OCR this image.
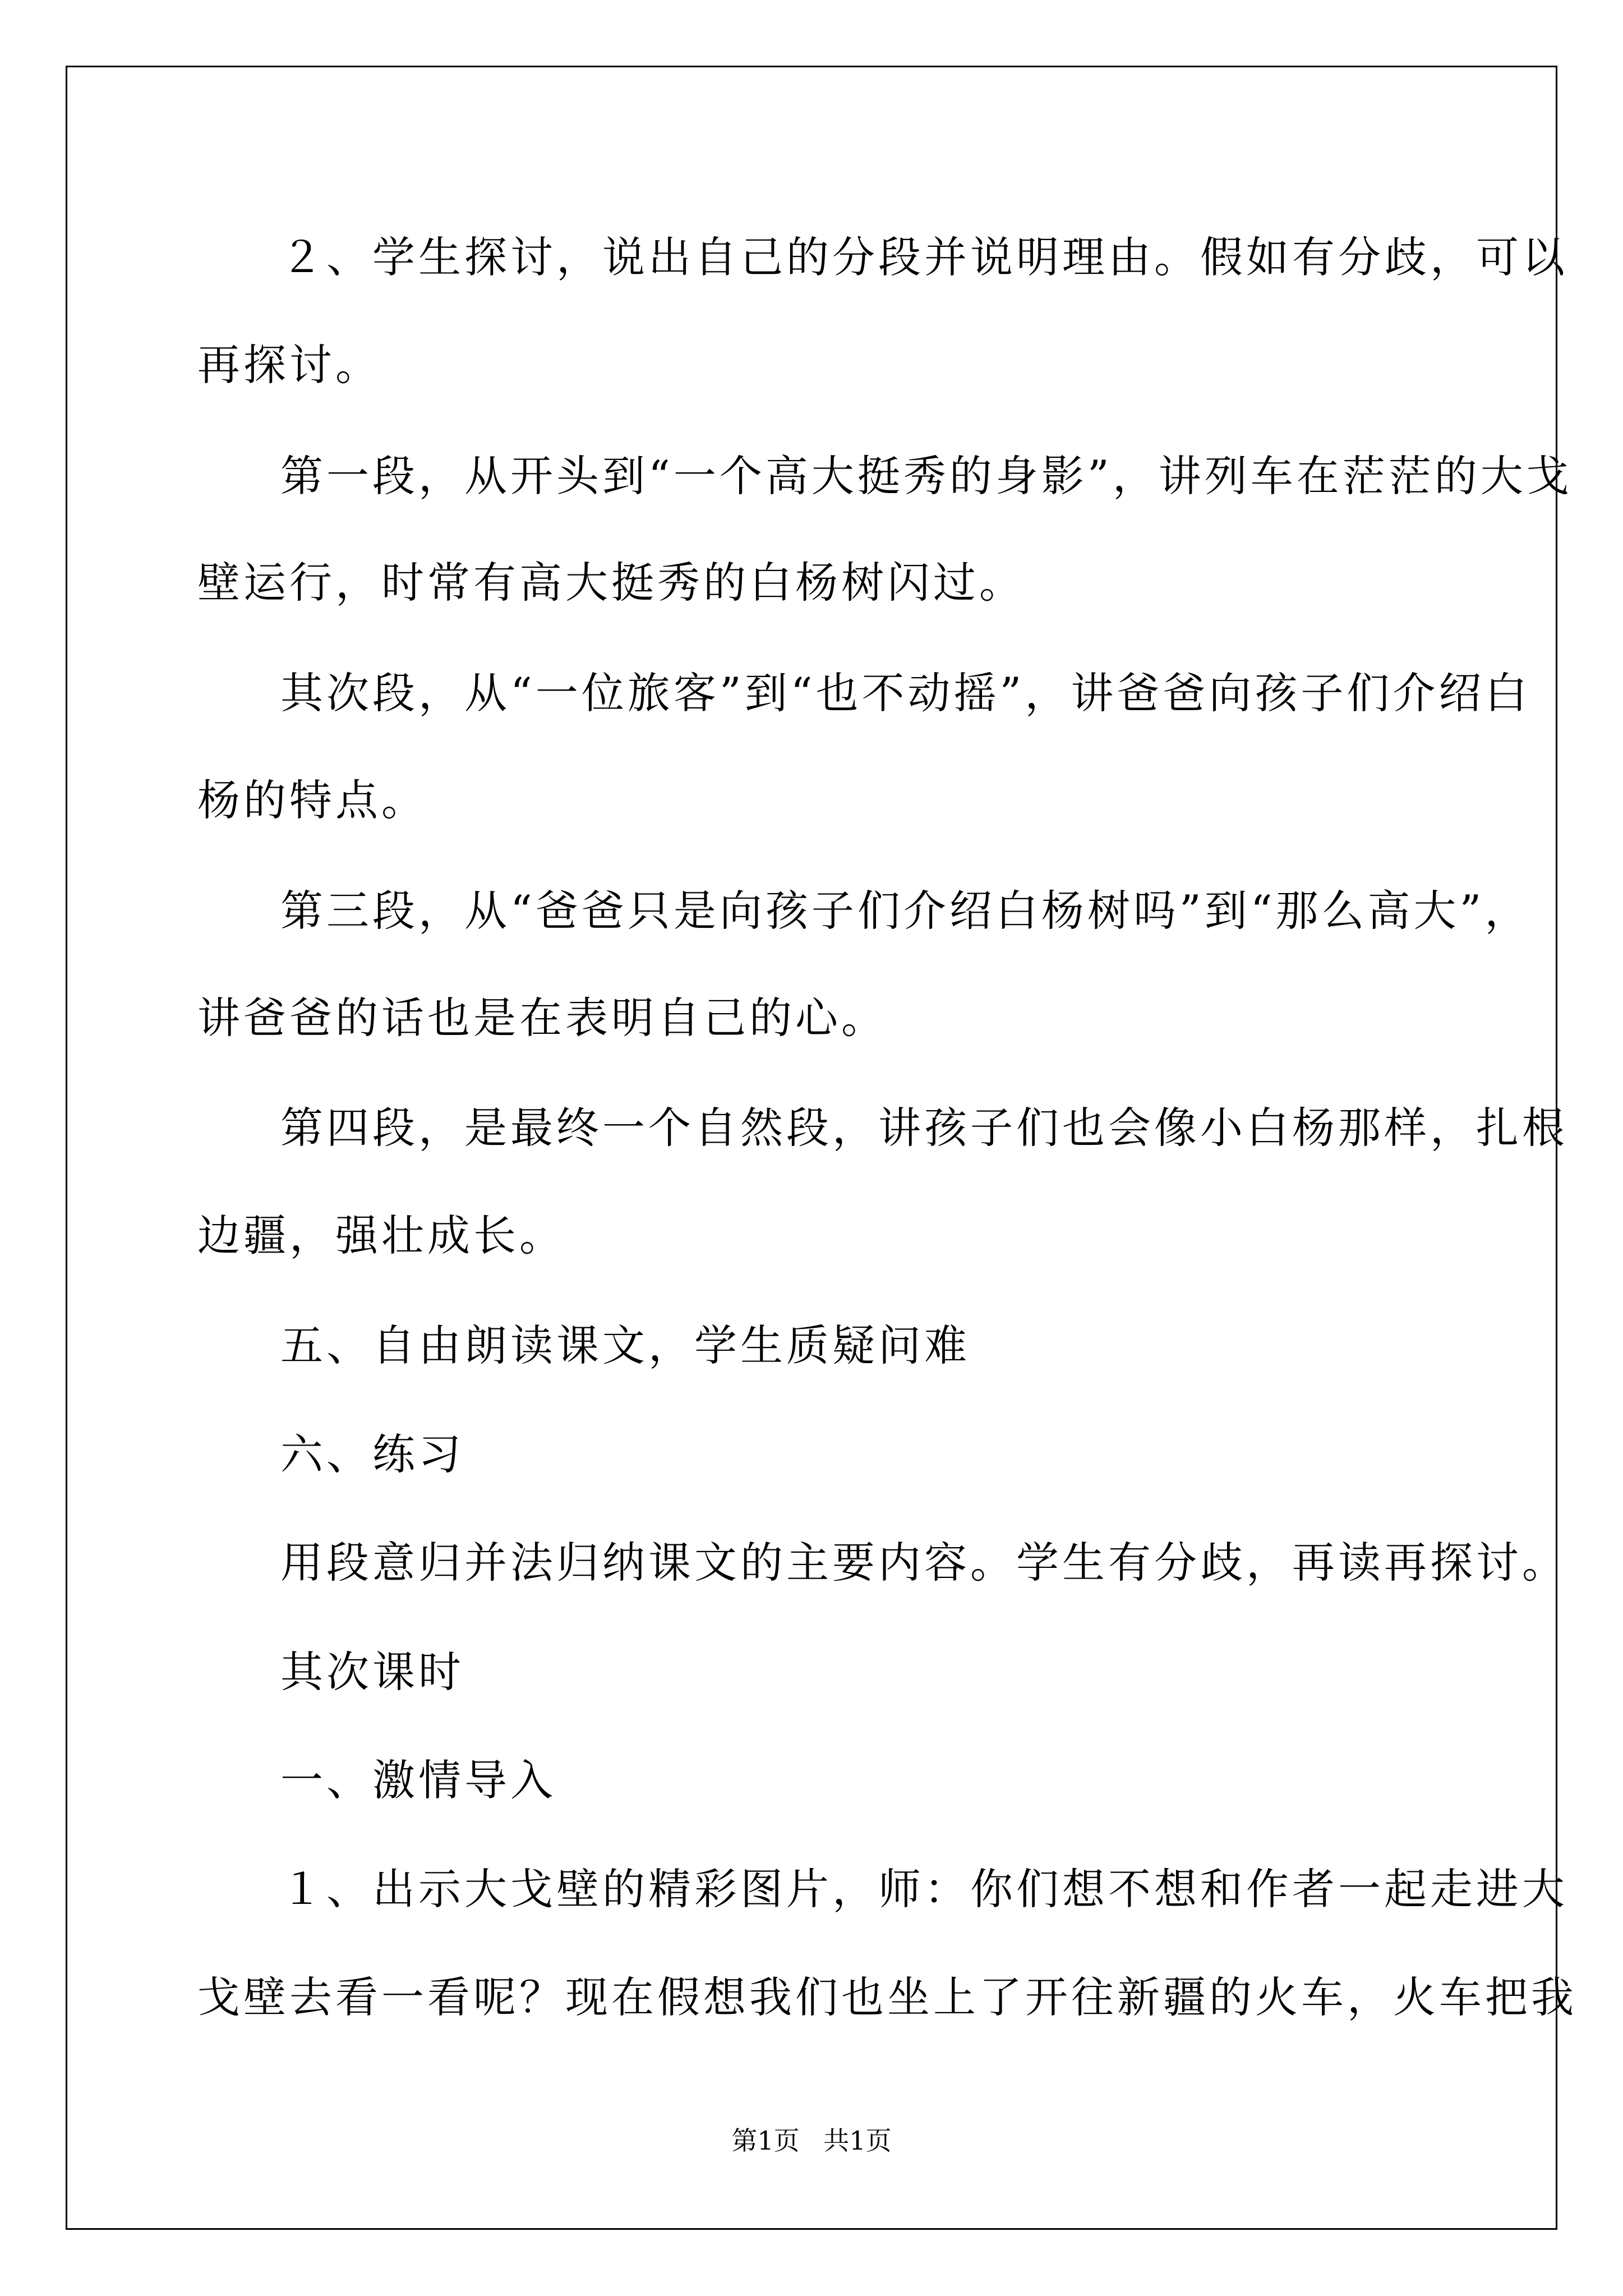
２、学生探讨，说出自己的分段并说明理由。假如有分歧，可以
再探讨。
第一段，从开头到“一个高大挺秀的身影”，讲列车在茫茫的大戈
壁运行，时常有高大挺秀的白杨树闪过。
其次段，从“一位旅客”到“也不动摇”，讲爸爸向孩子们介绍白
杨的特点。
第三段，从“爸爸只是向孩子们介绍白杨树吗”到“那么高大”，
讲爸爸的话也是在表明自己的心。
第四段，是最终一个自然段，讲孩子们也会像小白杨那样，扎根
边疆，强壮成长。
五、自由朗读课文，学生质疑问难
六、练习
用段意归并法归纳课文的主要内容。学生有分歧，再读再探讨。
其次课时
一、激情导入
１、出示大戈壁的精彩图片，师：你们想不想和作者一起走进大
戈壁去看一看呢？现在假想我们也坐上了开往新疆的火车，火车把我
第1页 共1页
